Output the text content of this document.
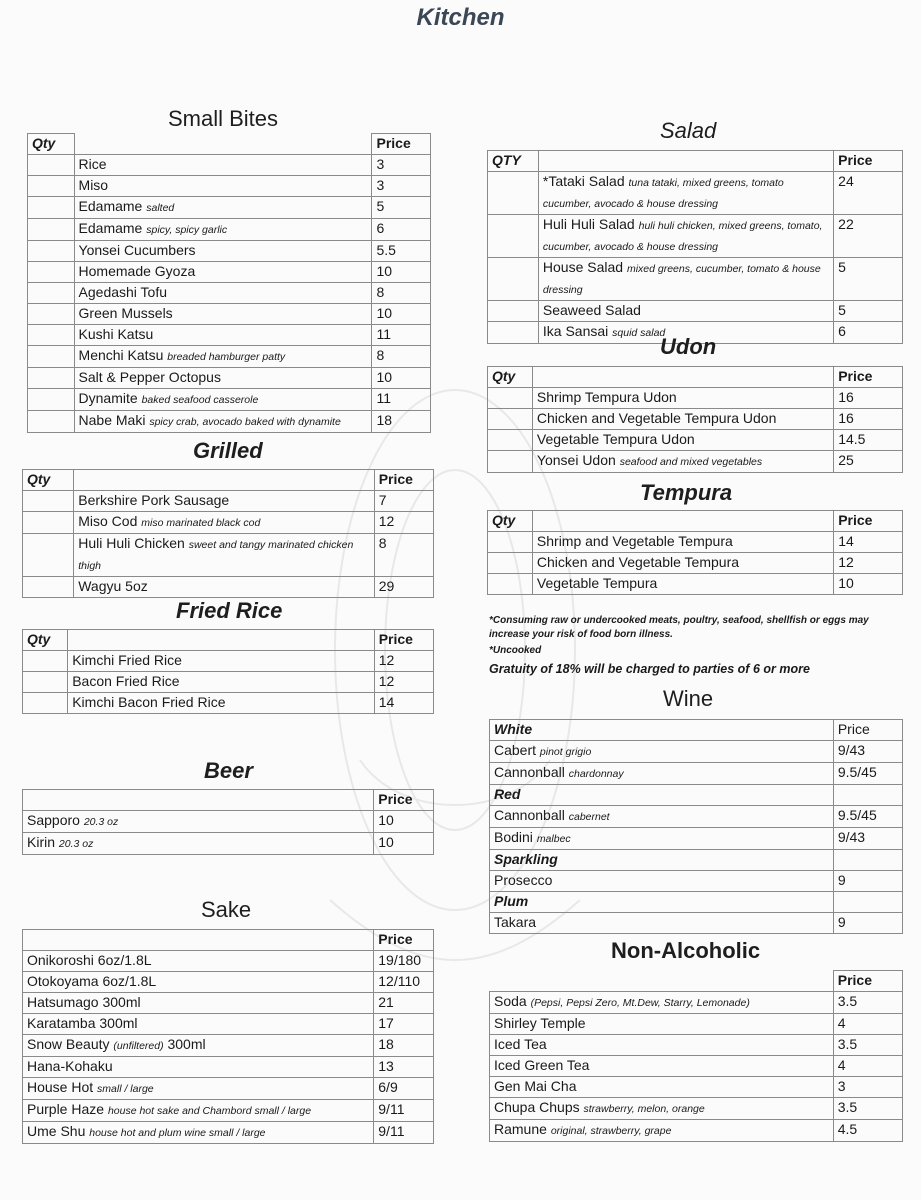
Kitchen
Small Bites
Qty		Price
	Rice	3
	Miso	3
	Edamame salted	5
	Edamame spicy, spicy garlic	6
	Yonsei Cucumbers	5.5
	Homemade Gyoza	10
	Agedashi Tofu	8
	Green Mussels	10
	Kushi Katsu	11
	Menchi Katsu breaded hamburger patty	8
	Salt & Pepper Octopus	10
	Dynamite baked seafood casserole	11
	Nabe Maki spicy crab, avocado baked with dynamite	18
Grilled
Qty		Price
	Berkshire Pork Sausage	7
	Miso Cod miso marinated black cod	12
	Huli Huli Chicken sweet and tangy marinated chicken thigh	8
	Wagyu 5oz	29
Fried Rice
Qty		Price
	Kimchi Fried Rice	12
	Bacon Fried Rice	12
	Kimchi Bacon Fried Rice	14
Beer
	Price
Sapporo 20.3 oz	10
Kirin 20.3 oz	10
Sake
	Price
Onikoroshi 6oz/1.8L	19/180
Otokoyama 6oz/1.8L	12/110
Hatsumago 300ml	21
Karatamba 300ml	17
Snow Beauty (unfiltered) 300ml	18
Hana-Kohaku	13
House Hot small / large	6/9
Purple Haze house hot sake and Chambord small / large	9/11
Ume Shu house hot and plum wine small / large	9/11
Salad
QTY		Price
	*Tataki Salad tuna tataki, mixed greens, tomato cucumber, avocado & house dressing	24
	Huli Huli Salad huli huli chicken, mixed greens, tomato, cucumber, avocado & house dressing	22
	House Salad mixed greens, cucumber, tomato & house dressing	5
	Seaweed Salad	5
	Ika Sansai squid salad	6
Udon
Qty		Price
	Shrimp Tempura Udon	16
	Chicken and Vegetable Tempura Udon	16
	Vegetable Tempura Udon	14.5
	Yonsei Udon seafood and mixed vegetables	25
Tempura
Qty		Price
	Shrimp and Vegetable Tempura	14
	Chicken and Vegetable Tempura	12
	Vegetable Tempura	10
*Consuming raw or undercooked meats, poultry, seafood, shellfish or eggs may increase your risk of food born illness.
*Uncooked
Gratuity of 18% will be charged to parties of 6 or more
Wine
White	Price
Cabert pinot grigio	9/43
Cannonball chardonnay	9.5/45
Red	
Cannonball cabernet	9.5/45
Bodini malbec	9/43
Sparkling	
Prosecco	9
Plum	
Takara	9
Non-Alcoholic
	Price
Soda (Pepsi, Pepsi Zero, Mt.Dew, Starry, Lemonade)	3.5
Shirley Temple	4
Iced Tea	3.5
Iced Green Tea	4
Gen Mai Cha	3
Chupa Chups strawberry, melon, orange	3.5
Ramune original, strawberry, grape	4.5
